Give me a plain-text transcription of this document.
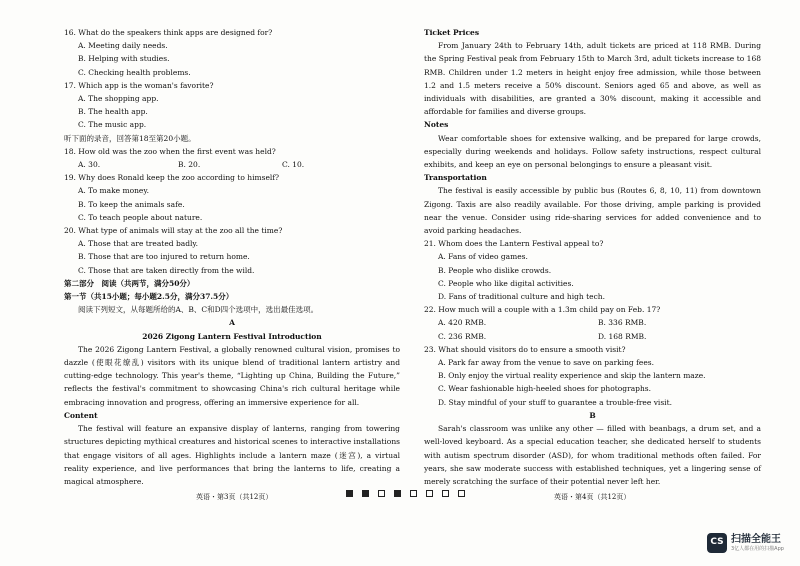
16. What do the speakers think apps are designed for?

A. Meeting daily needs.

B. Helping with studies.

C. Checking health problems.

17. Which app is the woman's favorite?

A. The shopping app.

B. The health app.

C. The music app.

听下面的录音，回答第18至第20小题。

18. How old was the zoo when the first event was held?

A. 30.	B. 20.	C. 10.

19. Why does Ronald keep the zoo according to himself?

A. To make money.

B. To keep the animals safe.

C. To teach people about nature.

20. What type of animals will stay at the zoo all the time?

A. Those that are treated badly.

B. Those that are too injured to return home.

C. Those that are taken directly from the wild.

第二部分　阅读（共两节，满分50分）

第一节（共15小题；每小题2.5分，满分37.5分）

阅读下列短文，从每题所给的A、B、C和D四个选项中，选出最佳选项。

A

2026 Zigong Lantern Festival Introduction

The 2026 Zigong Lantern Festival, a globally renowned cultural vision, promises to dazzle (使眼花缭乱) visitors with its unique blend of traditional lantern artistry and cutting-edge technology. This year's theme, “Lighting up China, Building the Future,” reflects the festival's commitment to showcasing China's rich cultural heritage while embracing innovation and progress, offering an immersive experience for all.

Content

The festival will feature an expansive display of lanterns, ranging from towering structures depicting mythical creatures and historical scenes to interactive installations that engage visitors of all ages. Highlights include a lantern maze (迷宫), a virtual reality experience, and live performances that bring the lanterns to life, creating a magical atmosphere.

Ticket Prices

From January 24th to February 14th, adult tickets are priced at 118 RMB. During the Spring Festival peak from February 15th to March 3rd, adult tickets increase to 168 RMB. Children under 1.2 meters in height enjoy free admission, while those between 1.2 and 1.5 meters receive a 50% discount. Seniors aged 65 and above, as well as individuals with disabilities, are granted a 30% discount, making it accessible and affordable for families and diverse groups.

Notes

Wear comfortable shoes for extensive walking, and be prepared for large crowds, especially during weekends and holidays. Follow safety instructions, respect cultural exhibits, and keep an eye on personal belongings to ensure a pleasant visit.

Transportation

The festival is easily accessible by public bus (Routes 6, 8, 10, 11) from downtown Zigong. Taxis are also readily available. For those driving, ample parking is provided near the venue. Consider using ride-sharing services for added convenience and to avoid parking headaches.

21. Whom does the Lantern Festival appeal to?

A. Fans of video games.

B. People who dislike crowds.

C. People who like digital activities.

D. Fans of traditional culture and high tech.

22. How much will a couple with a 1.3m child pay on Feb. 17?

A. 420 RMB.	B. 336 RMB.
C. 236 RMB.	D. 168 RMB.

23. What should visitors do to ensure a smooth visit?

A. Park far away from the venue to save on parking fees.

B. Only enjoy the virtual reality experience and skip the lantern maze.

C. Wear fashionable high-heeled shoes for photographs.

D. Stay mindful of your stuff to guarantee a trouble-free visit.

B

Sarah's classroom was unlike any other — filled with beanbags, a drum set, and a well-loved keyboard. As a special education teacher, she dedicated herself to students with autism spectrum disorder (ASD), for whom traditional methods often failed. For years, she saw moderate success with established techniques, yet a lingering sense of merely scratching the surface of their potential never left her.

英语・第3页（共12页）	英语・第4页（共12页）
CS 扫描全能王
3亿人都在用的扫描App
